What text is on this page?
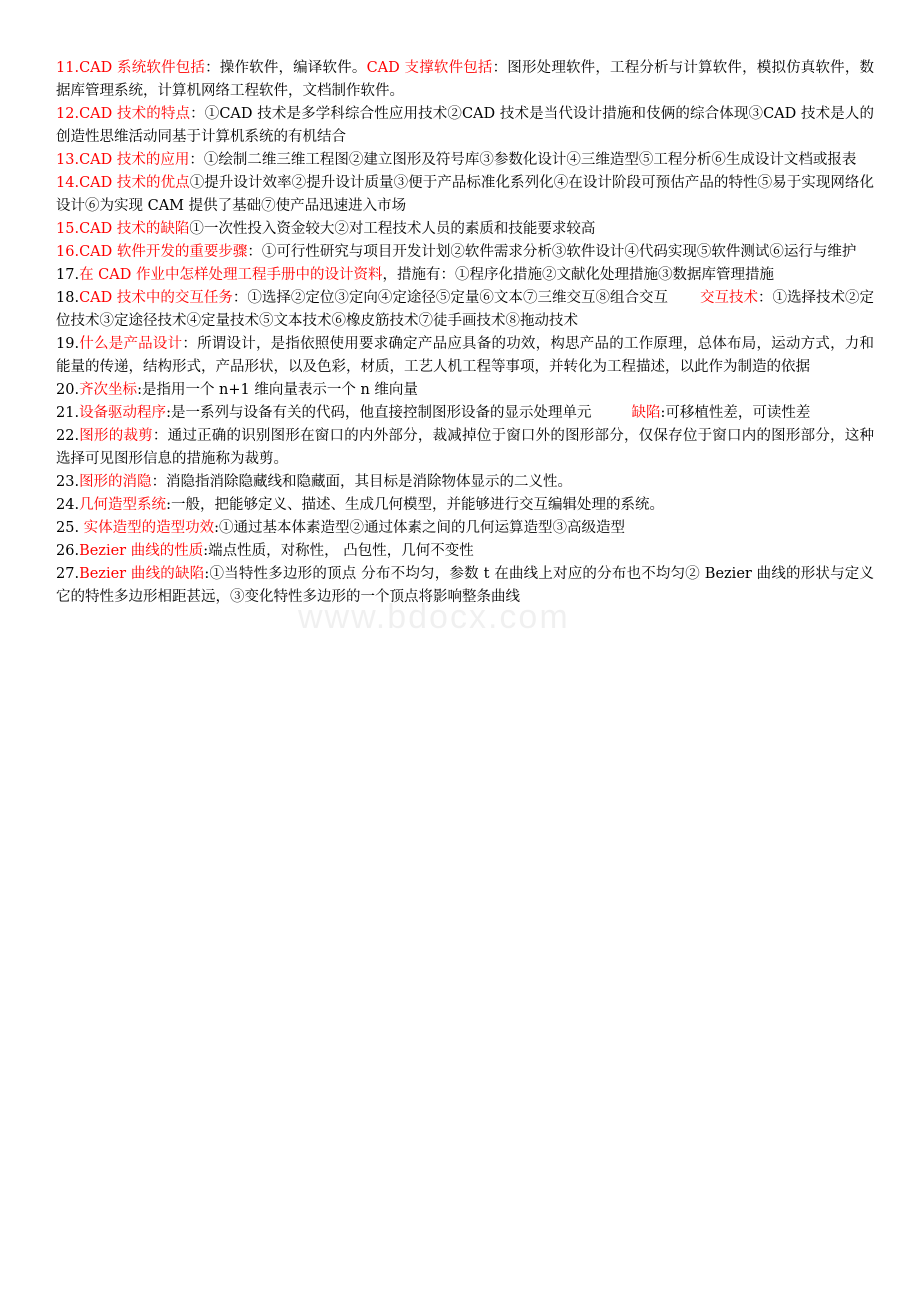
www.bdocx.com

11.CAD 系统软件包括：操作软件，编译软件。CAD 支撑软件包括：图形处理软件，工程分析与计算软件，模拟仿真软件，数据库管理系统，计算机网络工程软件，文档制作软件。

12.CAD 技术的特点：①CAD 技术是多学科综合性应用技术②CAD 技术是当代设计措施和伎俩的综合体现③CAD 技术是人的创造性思维活动同基于计算机系统的有机结合

13.CAD 技术的应用：①绘制二维三维工程图②建立图形及符号库③参数化设计④三维造型⑤工程分析⑥生成设计文档或报表

14.CAD 技术的优点①提升设计效率②提升设计质量③便于产品标准化系列化④在设计阶段可预估产品的特性⑤易于实现网络化设计⑥为实现 CAM 提供了基础⑦使产品迅速进入市场

15.CAD 技术的缺陷①一次性投入资金较大②对工程技术人员的素质和技能要求较高

16.CAD 软件开发的重要步骤：①可行性研究与项目开发计划②软件需求分析③软件设计④代码实现⑤软件测试⑥运行与维护

17.在 CAD 作业中怎样处理工程手册中的设计资料，措施有：①程序化措施②文献化处理措施③数据库管理措施

18.CAD 技术中的交互任务：①选择②定位③定向④定途径⑤定量⑥文本⑦三维交互⑧组合交互 交互技术：①选择技术②定位技术③定途径技术④定量技术⑤文本技术⑥橡皮筋技术⑦徒手画技术⑧拖动技术

19.什么是产品设计：所谓设计，是指依照使用要求确定产品应具备的功效，构思产品的工作原理，总体布局，运动方式，力和能量的传递，结构形式，产品形状，以及色彩，材质，工艺人机工程等事项，并转化为工程描述，以此作为制造的依据

20.齐次坐标:是指用一个 n+1 维向量表示一个 n 维向量

21.设备驱动程序:是一系列与设备有关的代码，他直接控制图形设备的显示处理单元	缺陷:可移植性差，可读性差

22.图形的裁剪：通过正确的识别图形在窗口的内外部分，裁减掉位于窗口外的图形部分，仅保存位于窗口内的图形部分，这种选择可见图形信息的措施称为裁剪。

23.图形的消隐：消隐指消除隐藏线和隐藏面，其目标是消除物体显示的二义性。

24.几何造型系统:一般，把能够定义、描述、生成几何模型，并能够进行交互编辑处理的系统。

25. 实体造型的造型功效:①通过基本体素造型②通过体素之间的几何运算造型③高级造型

26.Bezier 曲线的性质:端点性质，对称性， 凸包性，几何不变性

27.Bezier 曲线的缺陷:①当特性多边形的顶点 分布不均匀，参数 t 在曲线上对应的分布也不均匀② Bezier 曲线的形状与定义它的特性多边形相距甚远，③变化特性多边形的一个顶点将影响整条曲线
